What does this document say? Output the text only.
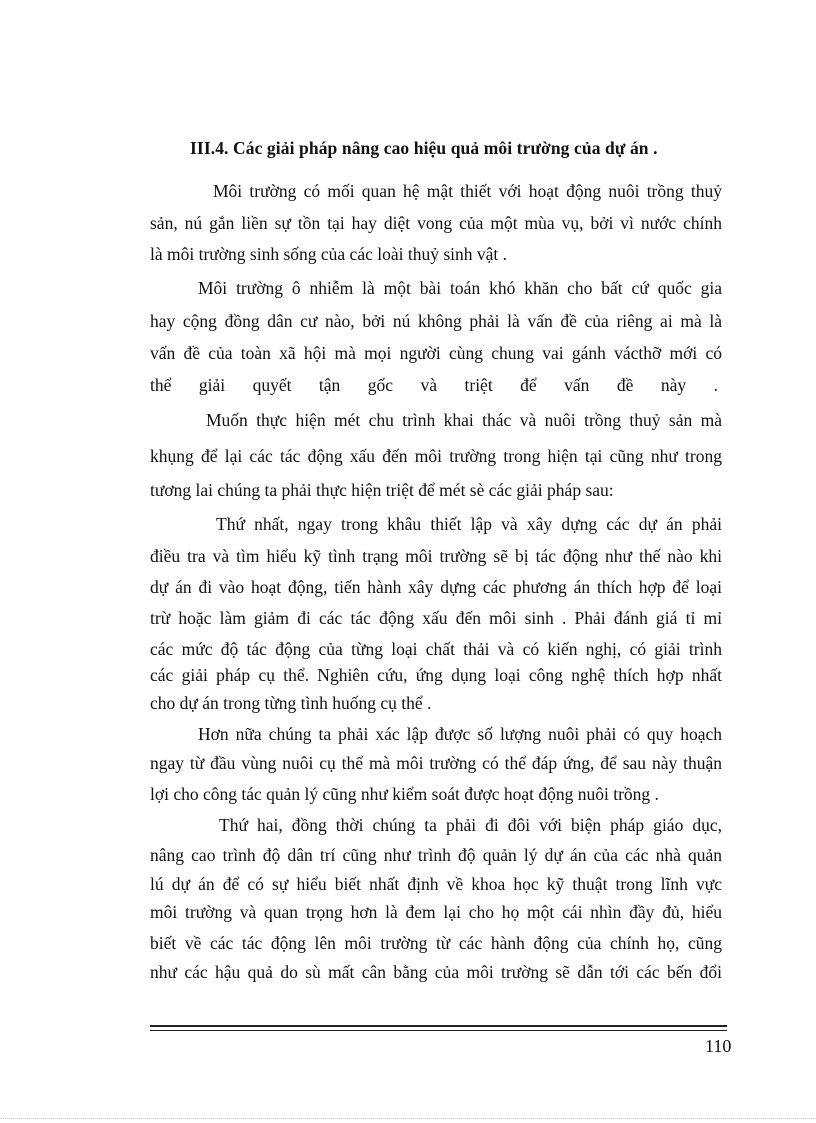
III.4. Các giải pháp nâng cao hiệu quả môi trường của dự án .
Môi trường có mối quan hệ mật thiết với hoạt động nuôi trồng thuỷ
sản, nú gắn liền sự tồn tại hay diệt vong của một mùa vụ, bởi vì nước chính
là môi trường sinh sống của các loài thuỷ sinh vật .
Môi trường ô nhiễm là một bài toán khó khăn cho bất cứ quốc gia
hay cộng đồng dân cư nào, bởi nú không phải là vấn đề của riêng ai mà là
vấn đề của toàn xã hội mà mọi người cùng chung vai gánh vácthỡ mới có
thể giải quyết tận gốc và triệt để vấn đề này .
Muốn thực hiện mét chu trình khai thác và nuôi trồng thuỷ sản mà
khụng để lại các tác động xấu đến môi trường trong hiện tại cũng như trong
tương lai chúng ta phải thực hiện triệt để mét sè các giải pháp sau:
Thứ nhất, ngay trong khâu thiết lập và xây dựng các dự án phải
điều tra và tìm hiểu kỹ tình trạng môi trường sẽ bị tác động như thế nào khi
dự án đi vào hoạt động, tiến hành xây dựng các phương án thích hợp để loại
trừ hoặc làm giảm đi các tác động xấu đến môi sinh . Phải đánh giá tỉ mỉ
các mức độ tác động của từng loại chất thải và có kiến nghị, có giải trình
các giải pháp cụ thể. Nghiên cứu, ứng dụng loại công nghệ thích hợp nhất
cho dự án trong từng tình huống cụ thể .
Hơn nữa chúng ta phải xác lập được số lượng nuôi phải có quy hoạch
ngay từ đầu vùng nuôi cụ thể mà môi trường có thể đáp ứng, để sau này thuận
lợi cho công tác quản lý cũng như kiểm soát được hoạt động nuôi trồng .
Thứ hai, đồng thời chúng ta phải đi đôi với biện pháp giáo dục,
nâng cao trình độ dân trí cũng như trình độ quản lý dự án của các nhà quản
lú dự án để có sự hiểu biết nhất định về khoa học kỹ thuật trong lĩnh vực
môi trường và quan trọng hơn là đem lại cho họ một cái nhìn đầy đủ, hiểu
biết về các tác động lên môi trường từ các hành động của chính họ, cũng
như các hậu quả do sù mất cân bằng của môi trường sẽ dẫn tới các bến đổi
110
